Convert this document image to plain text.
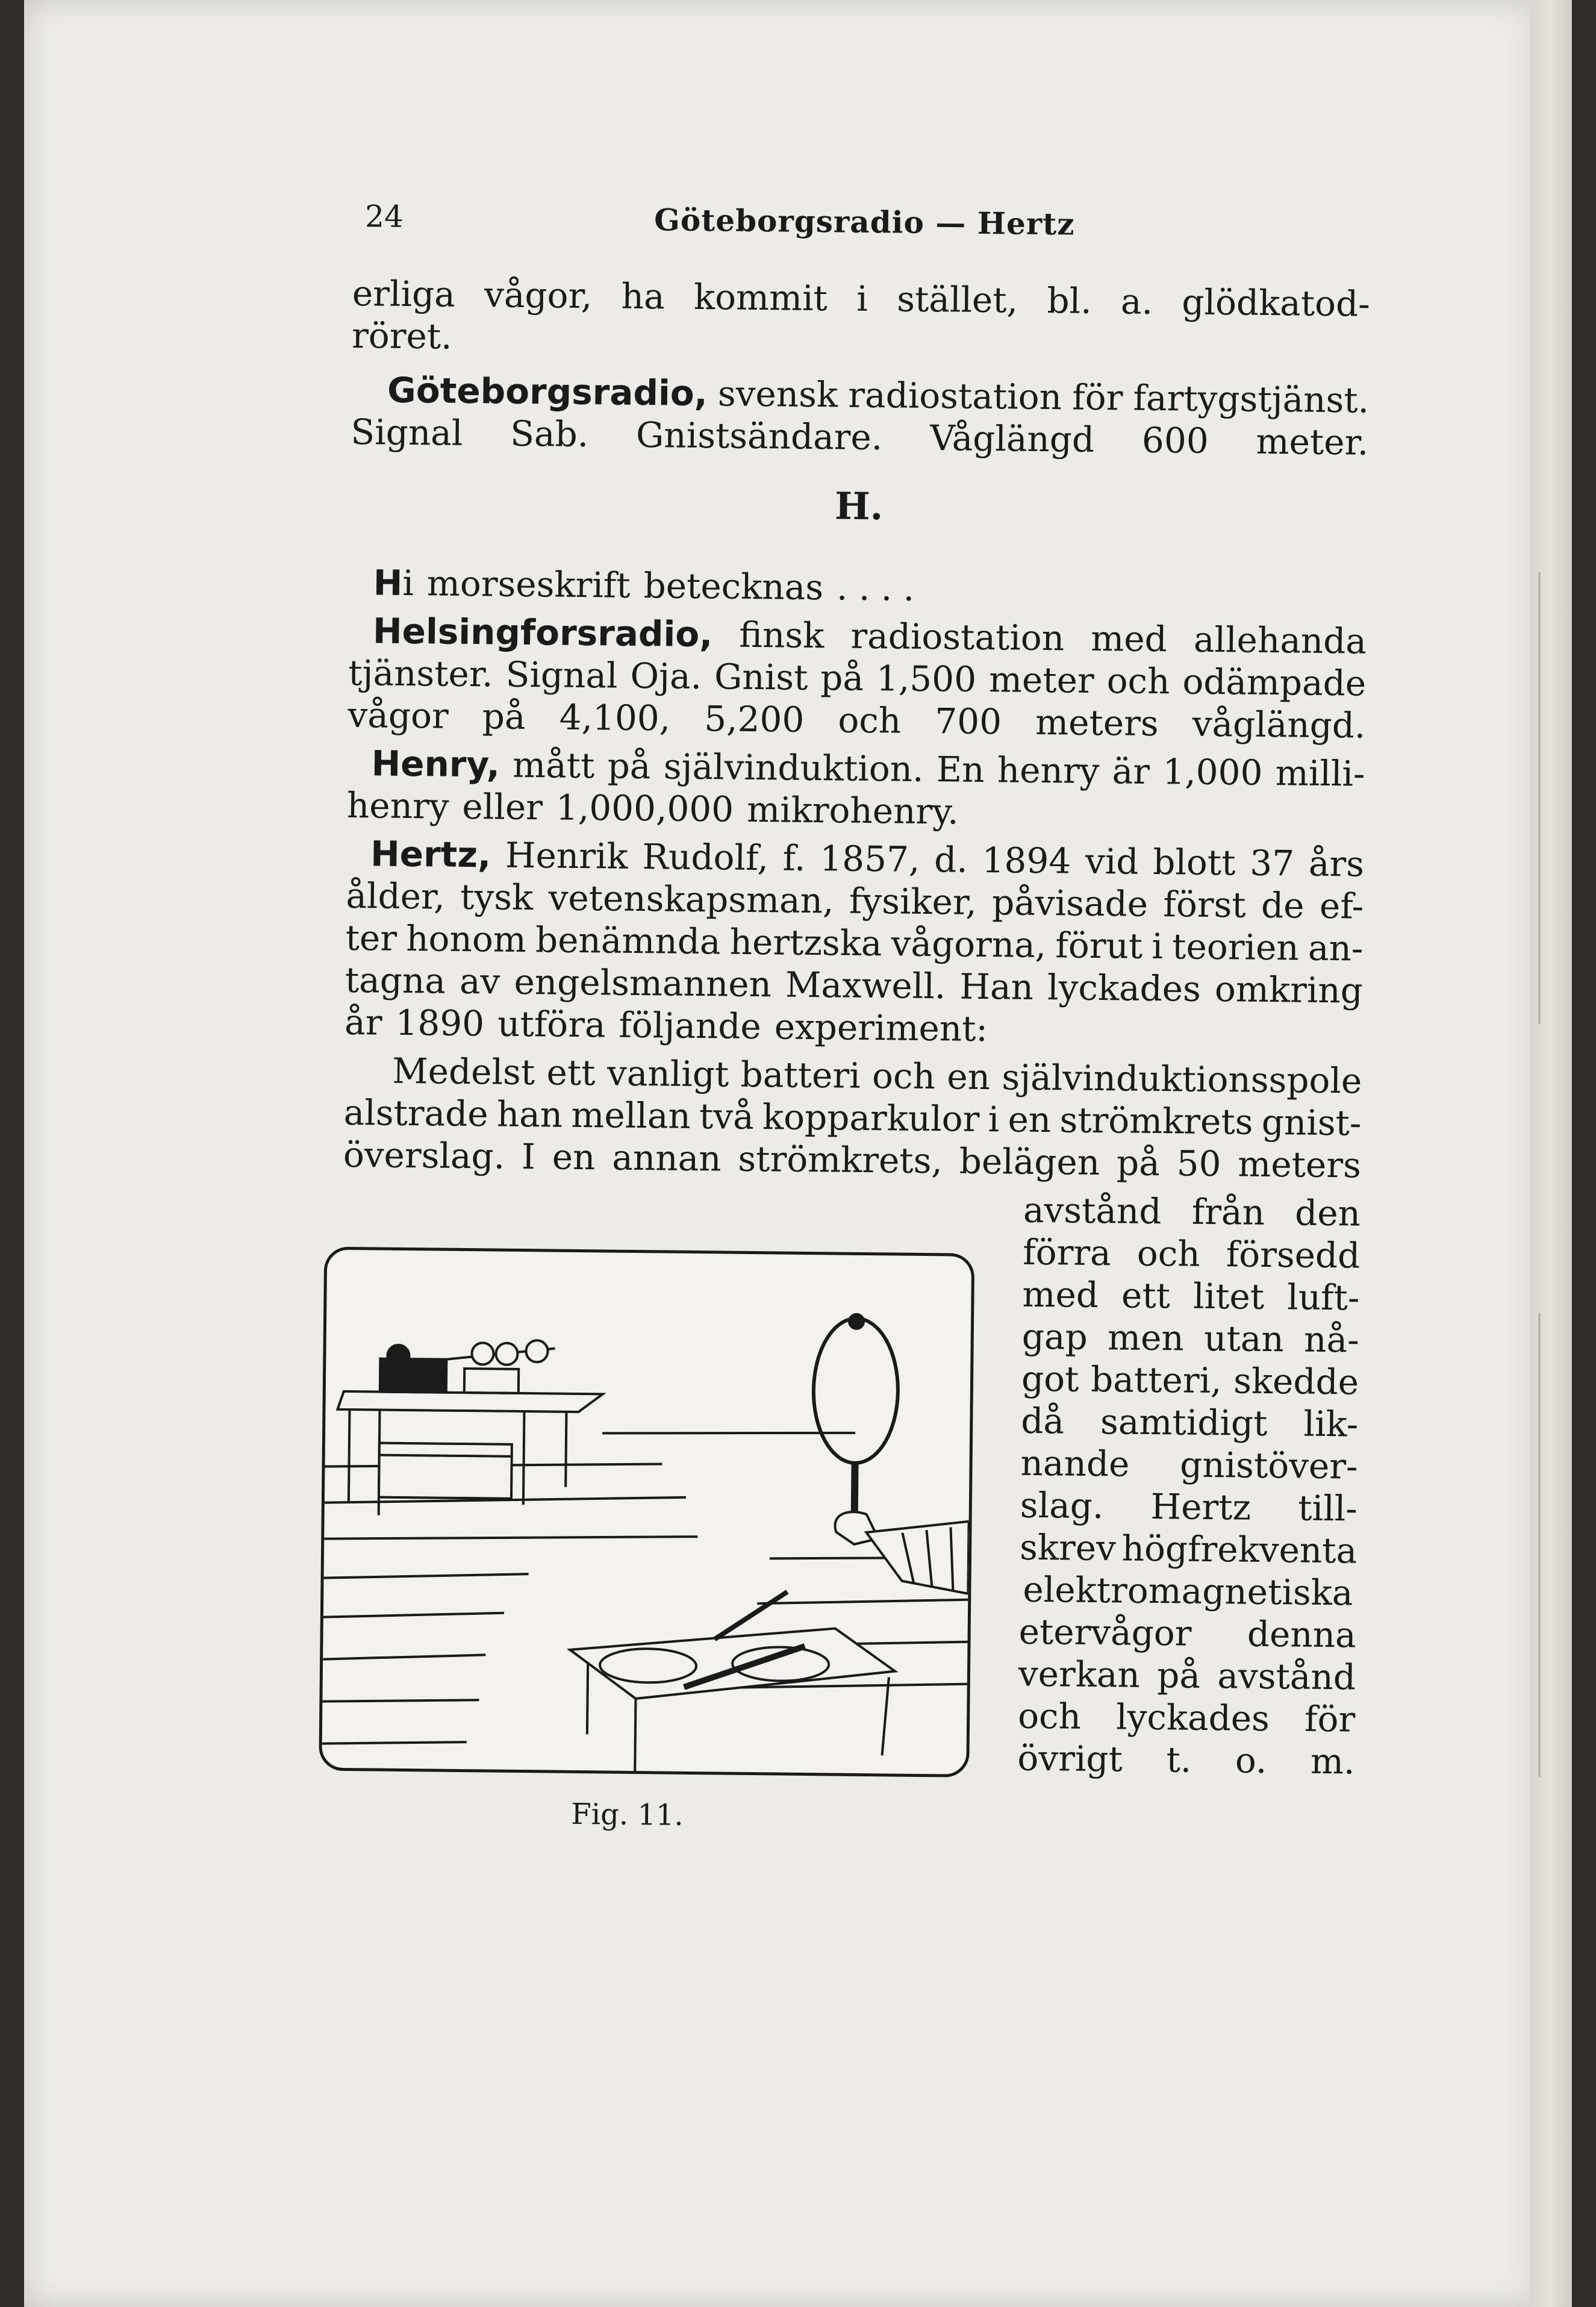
24	Göteborgsradio — Hertz
erliga vågor, ha kommit i stället, bl. a. glödkatod-
röret.
Göteborgsradio, svensk radiostation för fartygstjänst.
Signal Sab. Gnistsändare. Våglängd 600 meter.
H.
H i morseskrift betecknas . . . .
Helsingforsradio, finsk radiostation med allehanda
tjänster. Signal Oja. Gnist på 1,500 meter och odämpade
vågor på 4,100, 5,200 och 700 meters våglängd.
Henry, mått på självinduktion. En henry är 1,000 milli-
henry eller 1,000,000 mikrohenry.
Hertz, Henrik Rudolf, f. 1857, d. 1894 vid blott 37 års
ålder, tysk vetenskapsman, fysiker, påvisade först de ef-
ter honom benämnda hertzska vågorna, förut i teorien an-
tagna av engelsmannen Maxwell. Han lyckades omkring
år 1890 utföra följande experiment:
Medelst ett vanligt batteri och en självinduktionsspole
alstrade han mellan två kopparkulor i en strömkrets gnist-
överslag. I en annan strömkrets, belägen på 50 meters
avstånd från den
förra och försedd
med ett litet luft-
gap men utan nå-
got batteri, skedde
då samtidigt lik-
nande gnistöver-
slag. Hertz till-
skrev högfrekventa
elektromagnetiska
etervågor denna
verkan på avstånd
och lyckades för
övrigt t. o. m.
Fig. 11.
